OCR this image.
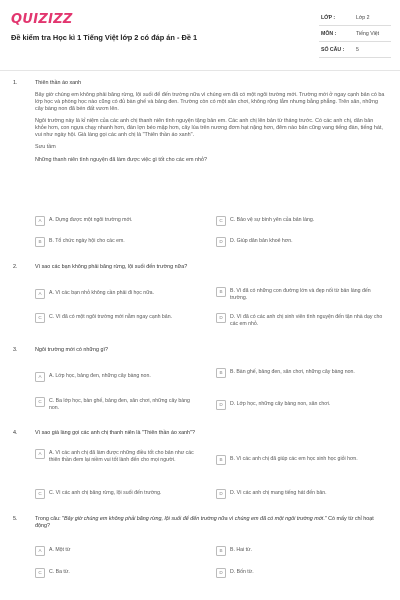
QUIZIZZ
Đề kiểm tra Học kì 1 Tiếng Việt lớp 2 có đáp án - Đề 1
LỚP :	Lớp 2
MÔN :	Tiếng Việt
SỐ CÂU : 5
1.	Thiên thần áo xanh
Bây giờ chúng em không phải băng rừng, lội suối để đến trường nữa vì chúng em đã có một ngôi trường mới. Trường mới ở ngay cạnh bản có ba lớp học và phòng học nào cũng có đủ bàn ghế và bảng đen. Trường còn có một sân chơi, không rộng lắm nhưng bằng phẳng. Trên sân, những cây bàng non đã bén đất vươn lên.
Ngôi trường này là kỉ niệm của các anh chị thanh niên tình nguyện tặng bản em. Các anh chị lên bản từ tháng trước. Có các anh chị, dân bản khỏe hơn, con ngựa chạy nhanh hơn, đàn lợn béo mập hơn, cây lúa trên nương đơm hạt nặng hơn, đêm nào bản cũng vang tiếng đàn, tiếng hát, vui như ngày hội. Già làng gọi các anh chị là "Thiên thần áo xanh".
Sưu tầm
Những thanh niên tình nguyện đã làm được việc gì tốt cho các em nhỏ?
A	A. Dựng được một ngôi trường mới.	C	C. Bảo vệ sự bình yên của bản làng.
B	B. Tổ chức ngày hội cho các em.	D	D. Giúp dân bản khoẻ hơn.
2.	Vì sao các bạn không phải băng rừng, lội suối đến trường nữa?
A	A. Vì các bạn nhỏ không cần phải đi học nữa.	B	B. Vì đã có những con đường lớn và đẹp nối từ bản làng đến trường.
C	C. Vì đã có một ngôi trường mới nằm ngay cạnh bản.	D	D. Vì đã có các anh chị sinh viên tình nguyện đến tận nhà dạy cho các em nhỏ.
3.	Ngôi trường mới có những gì?
A	A. Lớp học, bảng đen, những cây bàng non.
B	B. Bàn ghế, bảng đen, sân chơi, những cây bàng non.
C	C. Ba lớp học, bàn ghế, bảng đen, sân chơi, những cây bàng non.
D	D. Lớp học, những cây bàng non, sân chơi.
4.	Vì sao già làng gọi các anh chị thanh niên là "Thiên thần áo xanh"?
A	A. Vì các anh chị đã làm được những điều tốt cho bản như các thiên thần đem lại niềm vui tốt lành đến cho mọi người.	B	B. Vì các anh chị đã giúp các em học sinh học giỏi hơn.
C	C. Vì các anh chị băng rừng, lội suối đến trường.	D	D. Vì các anh chị mang tiếng hát đến bản.
5.	Trong câu: "Bây giờ chúng em không phải băng rừng, lội suối để đến trường nữa vì chúng em đã có một ngôi trường mới." Có mấy từ chỉ hoạt động?
A	A. Một từ	B	B. Hai từ.
C	C. Ba từ.	D	D. Bốn từ.
